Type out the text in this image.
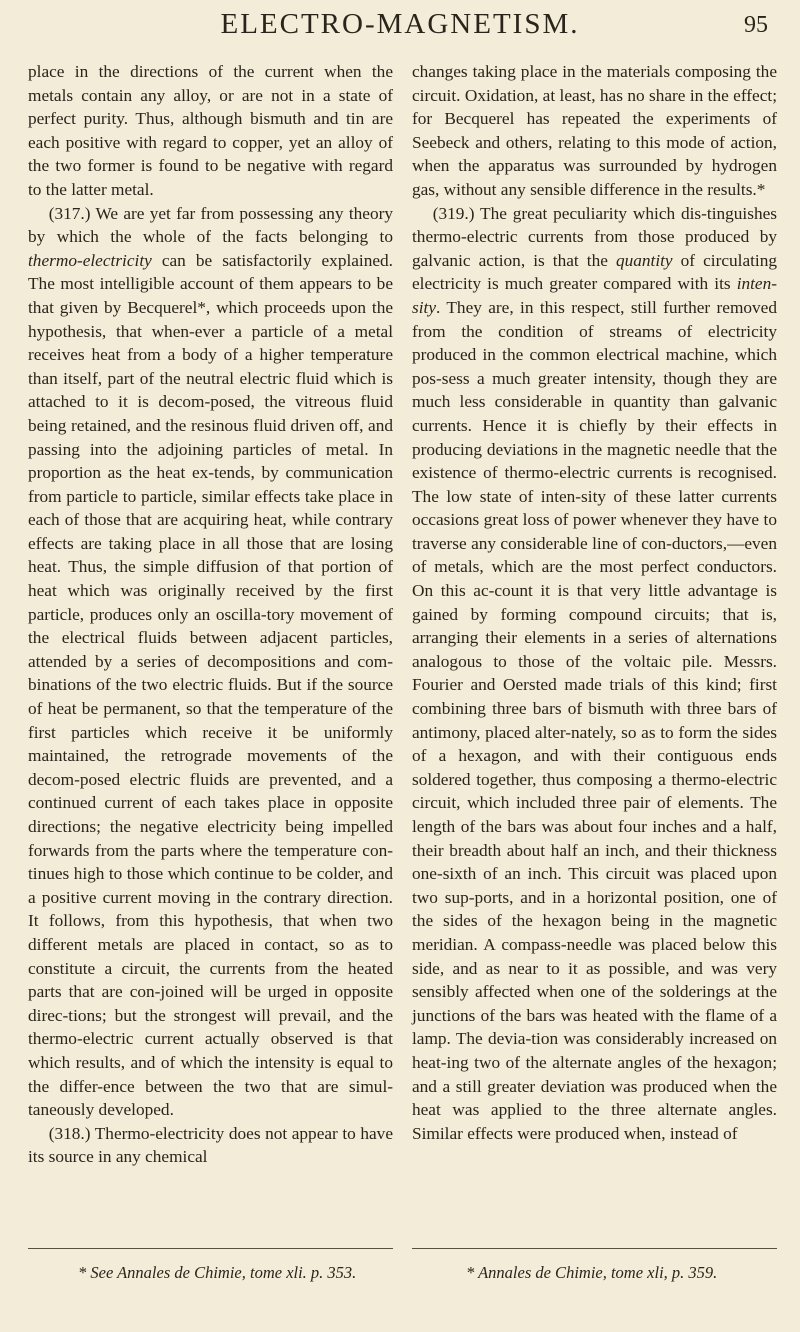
ELECTRO-MAGNETISM.	95

place in the directions of the current when the metals contain any alloy, or are not in a state of perfect purity. Thus, although bismuth and tin are each positive with regard to copper, yet an alloy of the two former is found to be negative with regard to the latter metal.

(317.) We are yet far from possessing any theory by which the whole of the facts belonging to thermo-electricity can be satisfactorily explained. The most intelligible account of them appears to be that given by Becquerel*, which proceeds upon the hypothesis, that when-ever a particle of a metal receives heat from a body of a higher temperature than itself, part of the neutral electric fluid which is attached to it is decom-posed, the vitreous fluid being retained, and the resinous fluid driven off, and passing into the adjoining particles of metal. In proportion as the heat ex-tends, by communication from particle to particle, similar effects take place in each of those that are acquiring heat, while contrary effects are taking place in all those that are losing heat. Thus, the simple diffusion of that portion of heat which was originally received by the first particle, produces only an oscilla-tory movement of the electrical fluids between adjacent particles, attended by a series of decompositions and com-binations of the two electric fluids. But if the source of heat be permanent, so that the temperature of the first particles which receive it be uniformly maintained, the retrograde movements of the decom-posed electric fluids are prevented, and a continued current of each takes place in opposite directions; the negative electricity being impelled forwards from the parts where the temperature con-tinues high to those which continue to be colder, and a positive current moving in the contrary direction. It follows, from this hypothesis, that when two different metals are placed in contact, so as to constitute a circuit, the currents from the heated parts that are con-joined will be urged in opposite direc-tions; but the strongest will prevail, and the thermo-electric current actually observed is that which results, and of which the intensity is equal to the differ-ence between the two that are simul-taneously developed.

(318.) Thermo-electricity does not appear to have its source in any chemical

changes taking place in the materials composing the circuit. Oxidation, at least, has no share in the effect; for Becquerel has repeated the experiments of Seebeck and others, relating to this mode of action, when the apparatus was surrounded by hydrogen gas, without any sensible difference in the results.*

(319.) The great peculiarity which dis-tinguishes thermo-electric currents from those produced by galvanic action, is that the quantity of circulating electricity is much greater compared with its inten-sity. They are, in this respect, still further removed from the condition of streams of electricity produced in the common electrical machine, which pos-sess a much greater intensity, though they are much less considerable in quantity than galvanic currents. Hence it is chiefly by their effects in producing deviations in the magnetic needle that the existence of thermo-electric currents is recognised. The low state of inten-sity of these latter currents occasions great loss of power whenever they have to traverse any considerable line of con-ductors,—even of metals, which are the most perfect conductors. On this ac-count it is that very little advantage is gained by forming compound circuits; that is, arranging their elements in a series of alternations analogous to those of the voltaic pile. Messrs. Fourier and Oersted made trials of this kind; first combining three bars of bismuth with three bars of antimony, placed alter-nately, so as to form the sides of a hexagon, and with their contiguous ends soldered together, thus composing a thermo-electric circuit, which included three pair of elements. The length of the bars was about four inches and a half, their breadth about half an inch, and their thickness one-sixth of an inch. This circuit was placed upon two sup-ports, and in a horizontal position, one of the sides of the hexagon being in the magnetic meridian. A compass-needle was placed below this side, and as near to it as possible, and was very sensibly affected when one of the solderings at the junctions of the bars was heated with the flame of a lamp. The devia-tion was considerably increased on heat-ing two of the alternate angles of the hexagon; and a still greater deviation was produced when the heat was applied to the three alternate angles. Similar effects were produced when, instead of

* See Annales de Chimie, tome xli. p. 353.	* Annales de Chimie, tome xli, p. 359.
